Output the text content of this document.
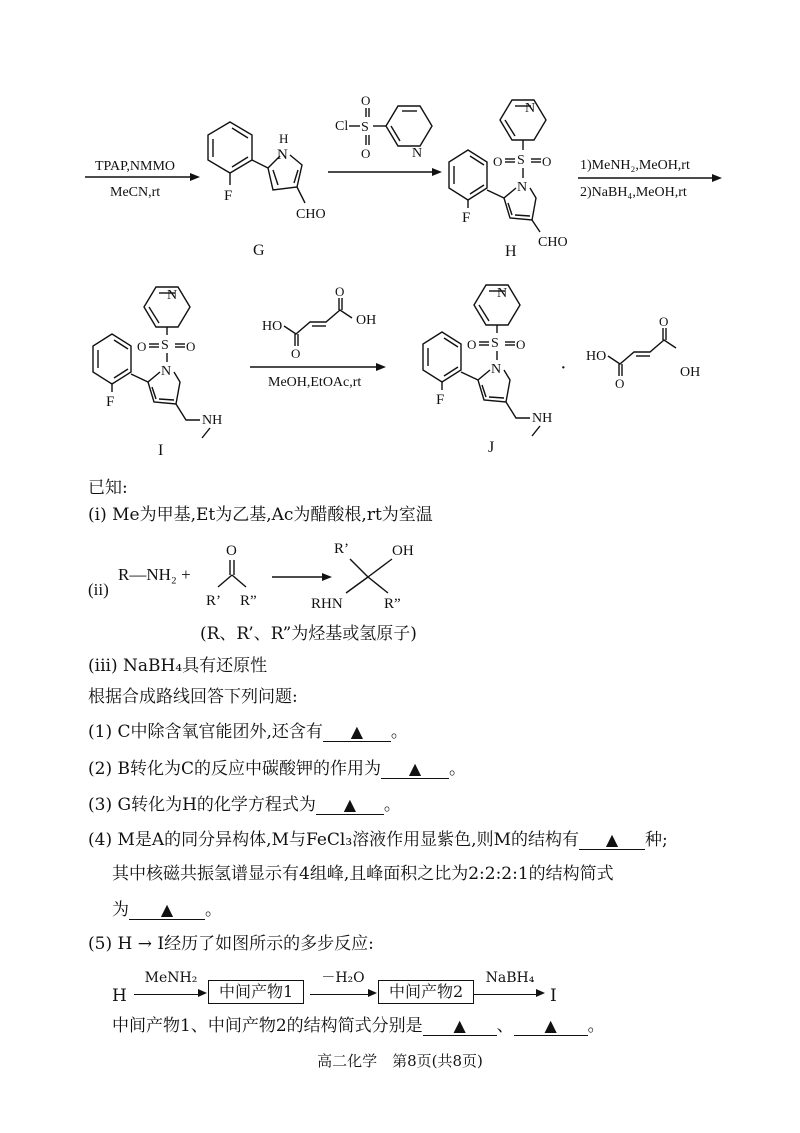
TPAP,NMMO
MeCN,rt	F
N
H
CHO
G
Cl S
O
O	N
N
S
O	O
N
F
CHO
H
1)MeNH₂,MeOH,rt
2)NaBH₄,MeOH,rt
N
S
O	O
N
F
NH
I
HO
O
O
OH
MeOH,EtOAc,rt
N
S
O	O
N
F
NH
J
·
HO
O
O
OH
已知:
(i) Me为甲基,Et为乙基,Ac为醋酸根,rt为室温
(ii)
R—NH₂ +
O
R’ R”
R’	OH
RHN	R”
(R、R’、R”为烃基或氢原子)
(iii) NaBH₄具有还原性
根据合成路线回答下列问题:
(1) C中除含氧官能团外,还含有 ▲ 。
(2) B转化为C的反应中碳酸钾的作用为 ▲ 。
(3) G转化为H的化学方程式为 ▲ 。
(4) M是A的同分异构体,M与FeCl₃溶液作用显紫色,则M的结构有 ▲ 种;
其中核磁共振氢谱显示有4组峰,且峰面积之比为2:2:2:1的结构简式
为 ▲ 。
(5) H → I经历了如图所示的多步反应:
H
MeNH₂
中间产物1
－H₂O
中间产物2
NaBH₄
I
中间产物1、中间产物2的结构简式分别是 ▲ 、 ▲ 。
高二化学　第8页(共8页)
